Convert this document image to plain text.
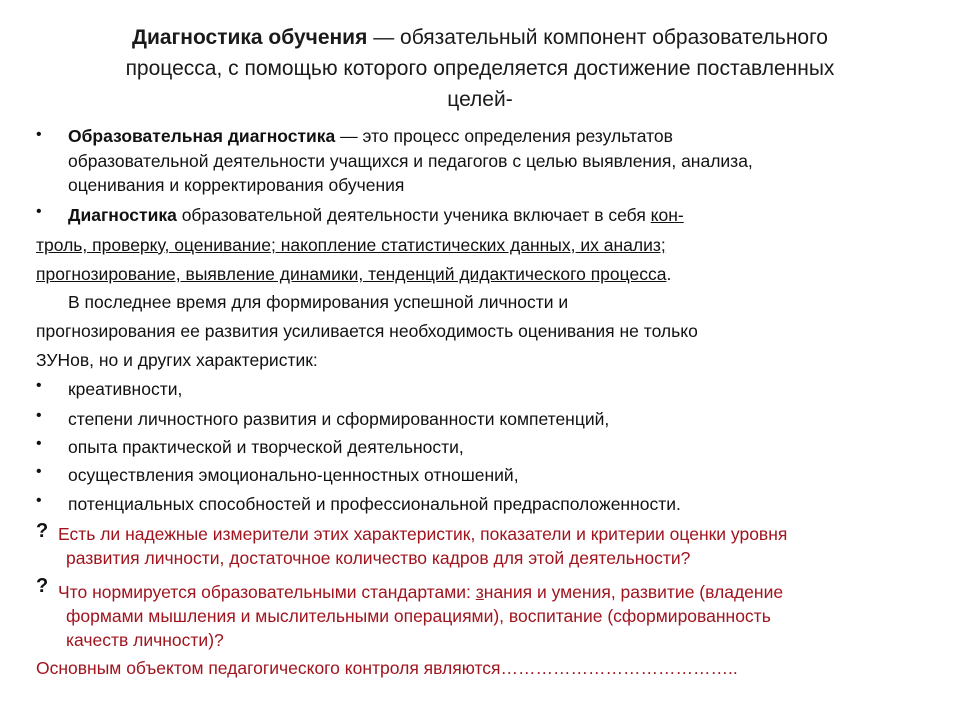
Диагностика обучения — обязательный компонент образовательного
процесса, с помощью которого определяется достижение поставленных
целей-
• Образовательная диагностика — это процесс определения результатов
образовательной деятельности учащихся и педагогов с целью выявления, анализа,
оценивания и корректирования обучения
• Диагностика образовательной деятельности ученика включает в себя кон-
троль, проверку, оценивание; накопление статистических данных, их анализ;
прогнозирование, выявление динамики, тенденций дидактического процесса.
В последнее время для формирования успешной личности и
прогнозирования ее развития усиливается необходимость оценивания не только
ЗУНов, но и других характеристик:
• креативности,
• степени личностного развития и сформированности компетенций,
• опыта практической и творческой деятельности,
• осуществления эмоционально-ценностных отношений,
• потенциальных способностей и профессиональной предрасположенности.
? Есть ли надежные измерители этих характеристик, показатели и критерии оценки уровня
развития личности, достаточное количество кадров для этой деятельности?
? Что нормируется образовательными стандартами: знания и умения, развитие (владение
формами мышления и мыслительными операциями), воспитание (сформированность
качеств личности)?
Основным объектом педагогического контроля являются…………………………………..
